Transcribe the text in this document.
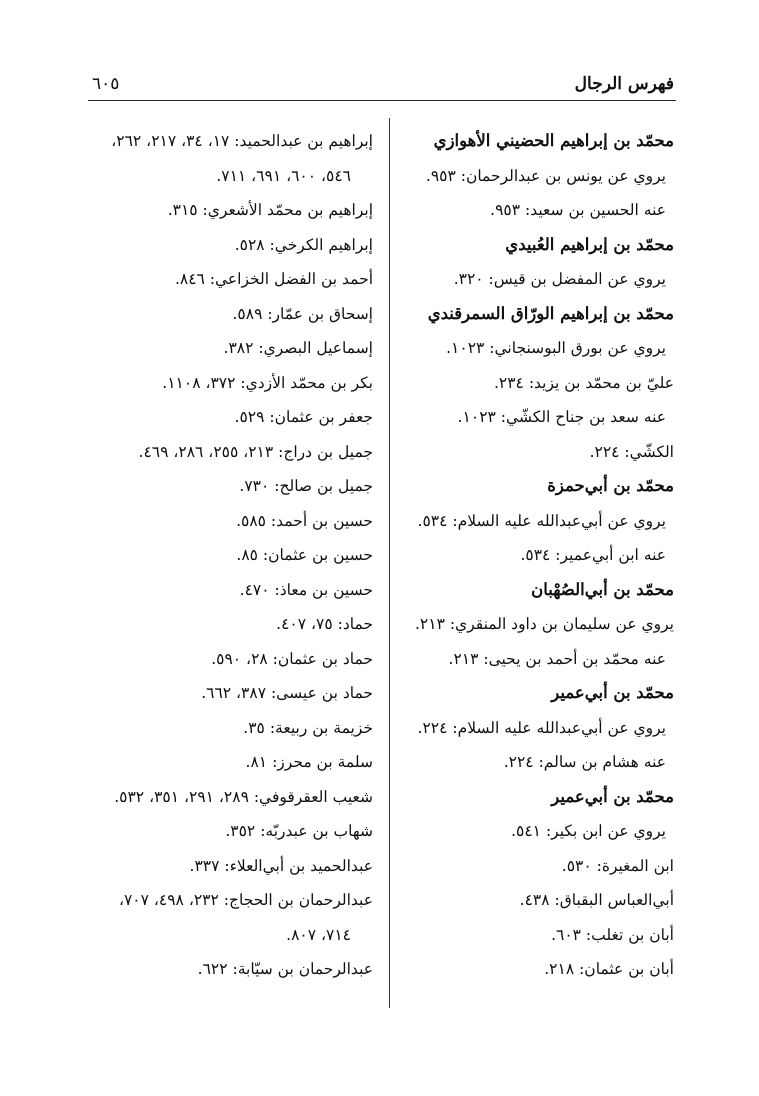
٦٠٥	فهرس الرجال
محمّد بن إبراهيم الحضيني الأهوازي
يروي عن يونس بن عبدالرحمان: ٩٥٣.
عنه الحسين بن سعيد: ٩٥٣.
محمّد بن إبراهيم العُبيدي
يروي عن المفضل بن قيس: ٣٢٠.
محمّد بن إبراهيم الورّاق السمرقندي
يروي عن بورق البوسنجاني: ١٠٢٣.
عليّ بن محمّد بن يزيد: ٢٣٤.
عنه سعد بن جناح الكشّي: ١٠٢٣.
الكشّي: ٢٢٤.
محمّد بن أبي‌حمزة
يروي عن أبي‌عبدالله عليه السلام: ٥٣٤.
عنه ابن أبي‌عمير: ٥٣٤.
محمّد بن أبي‌الصُهْبان
يروي عن سليمان بن داود المنقري: ٢١٣.
عنه محمّد بن أحمد بن يحيى: ٢١٣.
محمّد بن أبي‌عمير
يروي عن أبي‌عبدالله عليه السلام: ٢٢٤.
عنه هشام بن سالم: ٢٢٤.
محمّد بن أبي‌عمير
يروي عن ابن بكير: ٥٤١.
ابن المغيرة: ٥٣٠.
أبي‌العباس البقباق: ٤٣٨.
أبان بن تغلب: ٦٠٣.
أبان بن عثمان: ٢١٨.
إبراهيم بن عبدالحميد: ١٧، ٣٤، ٢١٧، ٢٦٢،
٥٤٦، ٦٠٠، ٦٩١، ٧١١.
إبراهيم بن محمّد الأشعري: ٣١٥.
إبراهيم الكرخي: ٥٢٨.
أحمد بن الفضل الخزاعي: ٨٤٦.
إسحاق بن عمّار: ٥٨٩.
إسماعيل البصري: ٣٨٢.
بكر بن محمّد الأزدي: ٣٧٢، ١١٠٨.
جعفر بن عثمان: ٥٢٩.
جميل بن دراج: ٢١٣، ٢٥٥، ٢٨٦، ٤٦٩.
جميل بن صالح: ٧٣٠.
حسين بن أحمد: ٥٨٥.
حسين بن عثمان: ٨٥.
حسين بن معاذ: ٤٧٠.
حماد: ٧٥، ٤٠٧.
حماد بن عثمان: ٢٨، ٥٩٠.
حماد بن عيسى: ٣٨٧، ٦٦٢.
خزيمة بن ربيعة: ٣٥.
سلمة بن محرز: ٨١.
شعيب العقرقوفي: ٢٨٩، ٢٩١، ٣٥١، ٥٣٢.
شهاب بن عبدربّه: ٣٥٢.
عبدالحميد بن أبي‌العلاء: ٣٣٧.
عبدالرحمان بن الحجاج: ٢٣٢، ٤٩٨، ٧٠٧،
٧١٤، ٨٠٧.
عبدالرحمان بن سيّابة: ٦٢٢.
